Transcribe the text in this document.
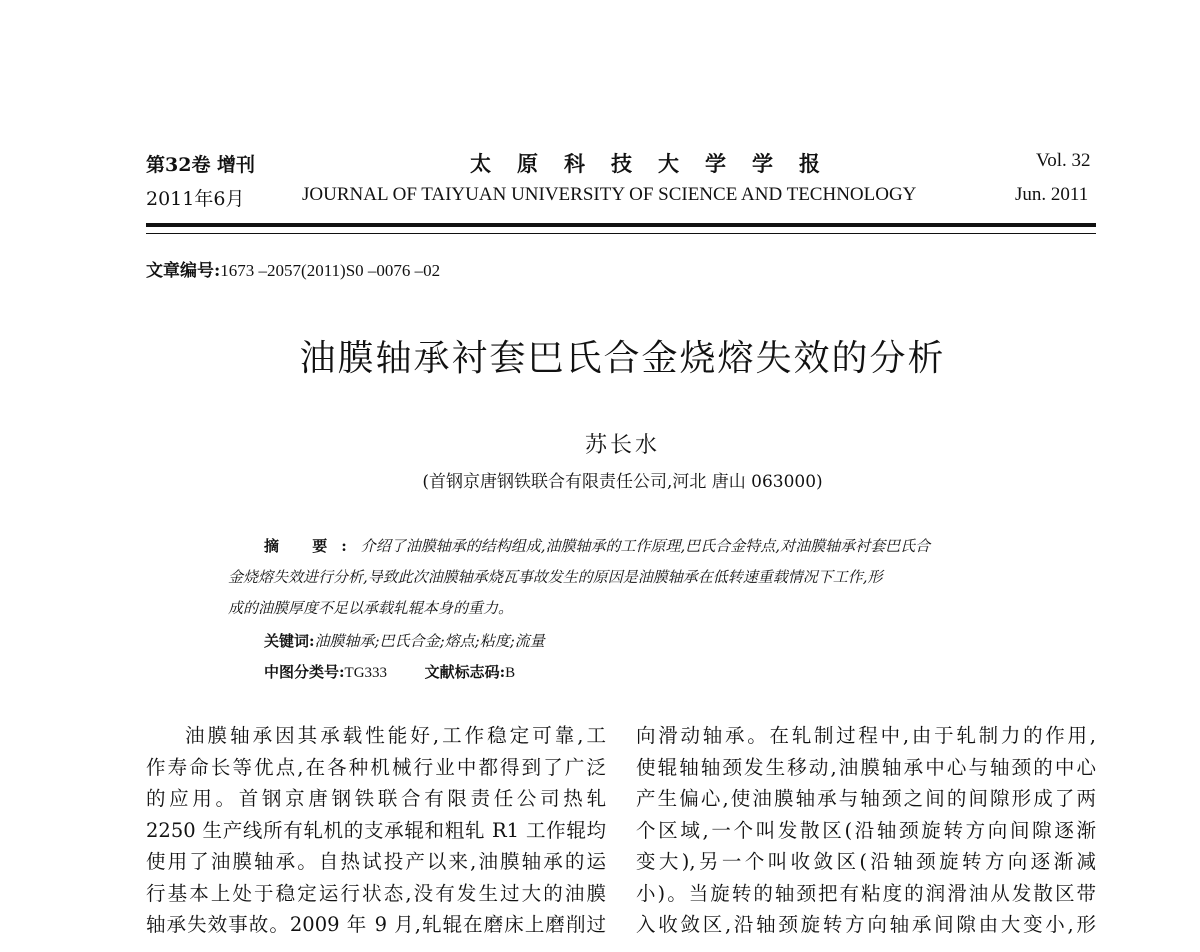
第32卷 增刊	太原科技大学学报	Vol. 32
2011年6月	JOURNAL OF TAIYUAN UNIVERSITY OF SCIENCE AND TECHNOLOGY	Jun. 2011
文章编号:1673 –2057(2011)S0 –0076 –02
油膜轴承衬套巴氏合金烧熔失效的分析
苏长水
(首钢京唐钢铁联合有限责任公司,河北 唐山 063000)
摘 要:介绍了油膜轴承的结构组成,油膜轴承的工作原理,巴氏合金特点,对油膜轴承衬套巴氏合
金烧熔失效进行分析,导致此次油膜轴承烧瓦事故发生的原因是油膜轴承在低转速重载情况下工作,形
成的油膜厚度不足以承载轧辊本身的重力。
关键词:油膜轴承;巴氏合金;熔点;粘度;流量
中图分类号:TG333	文献标志码:B

油膜轴承因其承载性能好,工作稳定可靠,工

作寿命长等优点,在各种机械行业中都得到了广泛

的应用。首钢京唐钢铁联合有限责任公司热轧

2250 生产线所有轧机的支承辊和粗轧 R1 工作辊均

使用了油膜轴承。自热试投产以来,油膜轴承的运

行基本上处于稳定运行状态,没有发生过大的油膜

轴承失效事故。2009 年 9 月,轧辊在磨床上磨削过

向滑动轴承。在轧制过程中,由于轧制力的作用,

使辊轴轴颈发生移动,油膜轴承中心与轴颈的中心

产生偏心,使油膜轴承与轴颈之间的间隙形成了两

个区域,一个叫发散区(沿轴颈旋转方向间隙逐渐

变大),另一个叫收敛区(沿轴颈旋转方向逐渐减

小)。当旋转的轴颈把有粘度的润滑油从发散区带

入收敛区,沿轴颈旋转方向轴承间隙由大变小,形
